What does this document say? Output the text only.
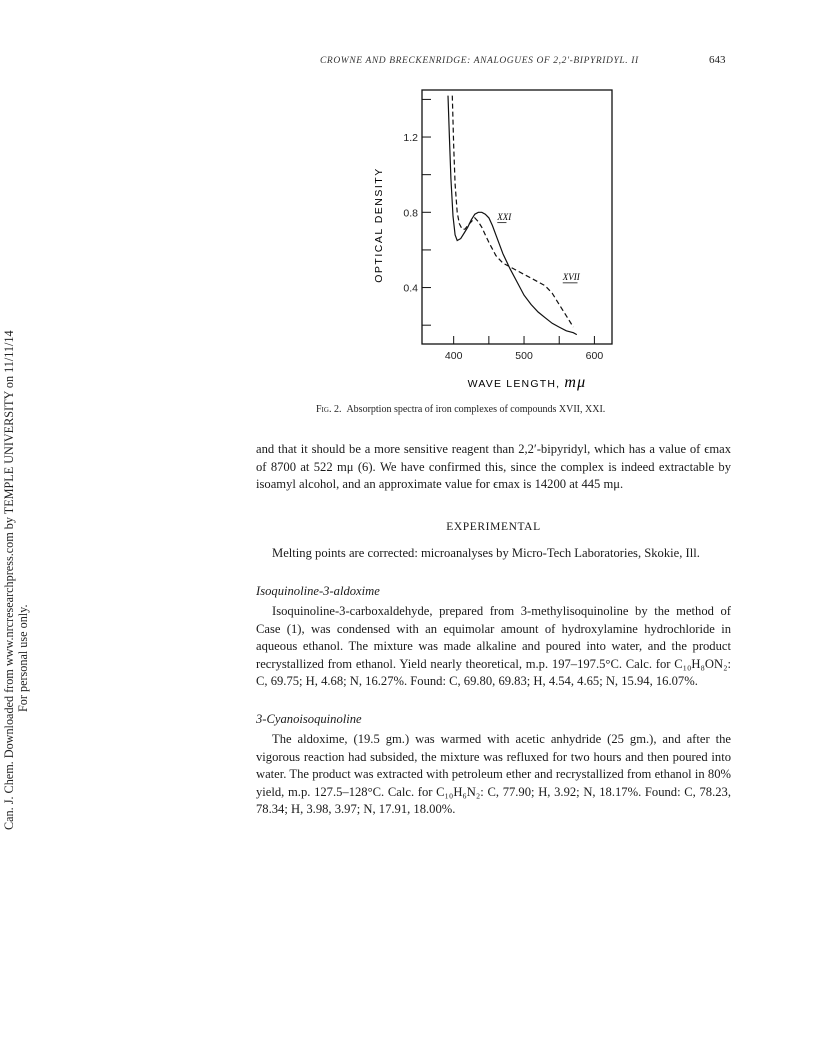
CROWNE AND BRECKENRIDGE: ANALOGUES OF 2,2′-BIPYRIDYL. II	643
Can. J. Chem. Downloaded from www.nrcresearchpress.com by TEMPLE UNIVERSITY on 11/11/14 For personal use only.
0.4
0.8
1.2
400	500	600
XXI
XVII
OPTICAL DENSITY
WAVE LENGTH, mμ
Fig. 2. Absorption spectra of iron complexes of compounds XVII, XXI.

and that it should be a more sensitive reagent than 2,2′-bipyridyl, which has a value of ϵmax of 8700 at 522 mμ (6). We have confirmed this, since the complex is indeed extractable by isoamyl alcohol, and an approximate value for ϵmax is 14200 at 445 mμ.

EXPERIMENTAL

Melting points are corrected: microanalyses by Micro-Tech Laboratories, Skokie, Ill.

Isoquinoline-3-aldoxime

Isoquinoline-3-carboxaldehyde, prepared from 3-methylisoquinoline by the method of Case (1), was condensed with an equimolar amount of hydroxylamine hydrochloride in aqueous ethanol. The mixture was made alkaline and poured into water, and the product recrystallized from ethanol. Yield nearly theoretical, m.p. 197–197.5°C. Calc. for C₁₀H₈ON₂: C, 69.75; H, 4.68; N, 16.27%. Found: C, 69.80, 69.83; H, 4.54, 4.65; N, 15.94, 16.07%.

3-Cyanoisoquinoline

The aldoxime, (19.5 gm.) was warmed with acetic anhydride (25 gm.), and after the vigorous reaction had subsided, the mixture was refluxed for two hours and then poured into water. The product was extracted with petroleum ether and recrystallized from ethanol in 80% yield, m.p. 127.5–128°C. Calc. for C₁₀H₆N₂: C, 77.90; H, 3.92; N, 18.17%. Found: C, 78.23, 78.34; H, 3.98, 3.97; N, 17.91, 18.00%.
